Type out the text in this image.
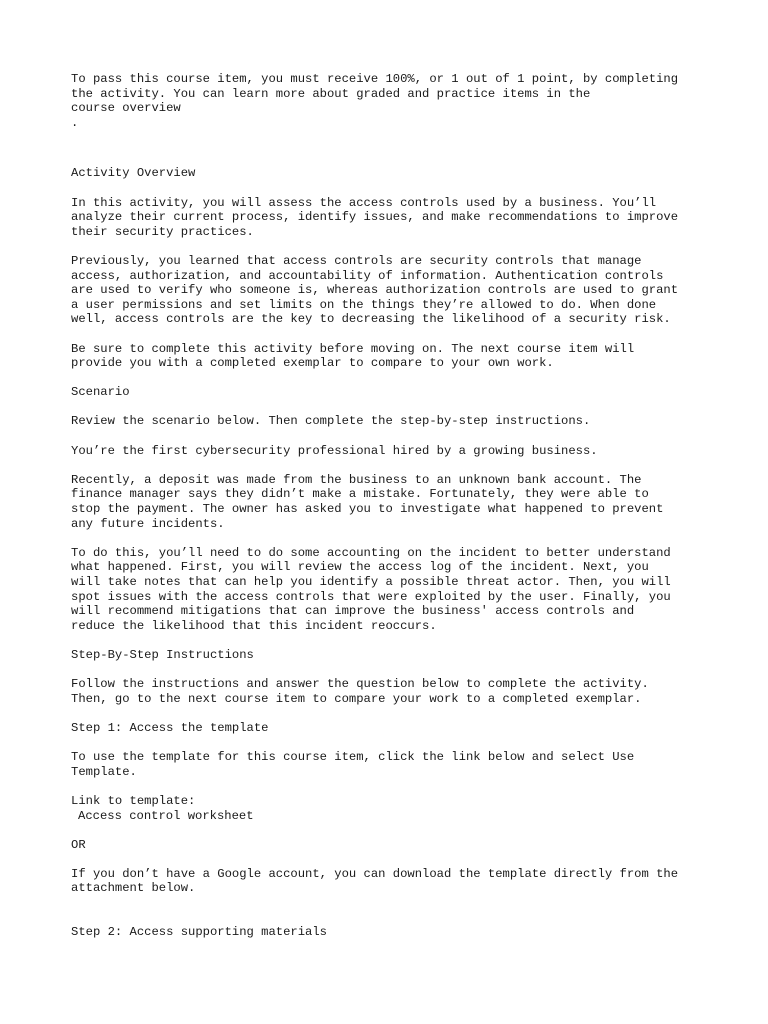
To pass this course item, you must receive 100%, or 1 out of 1 point, by completing
the activity. You can learn more about graded and practice items in the
course overview
.

Activity Overview

In this activity, you will assess the access controls used by a business. You’ll
analyze their current process, identify issues, and make recommendations to improve
their security practices.

Previously, you learned that access controls are security controls that manage
access, authorization, and accountability of information. Authentication controls
are used to verify who someone is, whereas authorization controls are used to grant
a user permissions and set limits on the things they’re allowed to do. When done
well, access controls are the key to decreasing the likelihood of a security risk.

Be sure to complete this activity before moving on. The next course item will
provide you with a completed exemplar to compare to your own work.

Scenario

Review the scenario below. Then complete the step-by-step instructions.

You’re the first cybersecurity professional hired by a growing business.

Recently, a deposit was made from the business to an unknown bank account. The
finance manager says they didn’t make a mistake. Fortunately, they were able to
stop the payment. The owner has asked you to investigate what happened to prevent
any future incidents.

To do this, you’ll need to do some accounting on the incident to better understand
what happened. First, you will review the access log of the incident. Next, you
will take notes that can help you identify a possible threat actor. Then, you will
spot issues with the access controls that were exploited by the user. Finally, you
will recommend mitigations that can improve the business' access controls and
reduce the likelihood that this incident reoccurs.

Step-By-Step Instructions

Follow the instructions and answer the question below to complete the activity.
Then, go to the next course item to compare your work to a completed exemplar.

Step 1: Access the template

To use the template for this course item, click the link below and select Use
Template.

Link to template:
Access control worksheet

OR

If you don’t have a Google account, you can download the template directly from the
attachment below.

Step 2: Access supporting materials
